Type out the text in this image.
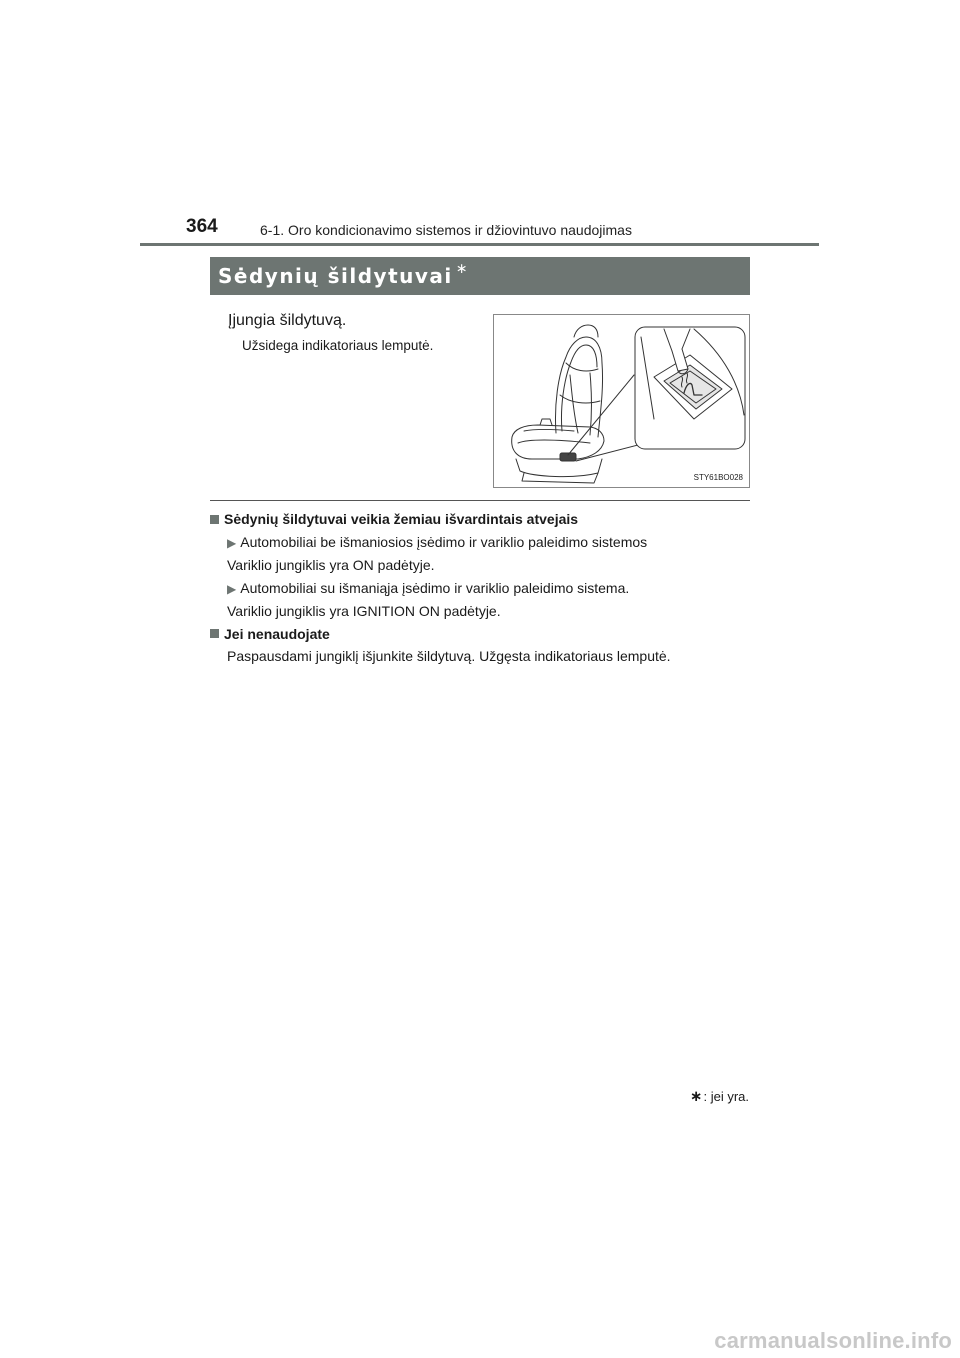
364	6-1. Oro kondicionavimo sistemos ir džiovintuvo naudojimas
Sėdynių šildytuvai ∗
Įjungia šildytuvą.
Užsidega indikatoriaus lemputė.
STY61BO028
Sėdynių šildytuvai veikia žemiau išvardintais atvejais
▶ Automobiliai be išmaniosios įsėdimo ir variklio paleidimo sistemos
Variklio jungiklis yra ON padėtyje.
▶ Automobiliai su išmaniąja įsėdimo ir variklio paleidimo sistema.
Variklio jungiklis yra IGNITION ON padėtyje.
Jei nenaudojate
Paspausdami jungiklį išjunkite šildytuvą. Užgęsta indikatoriaus lemputė.
∗ : jei yra.
carmanualsonline.info
